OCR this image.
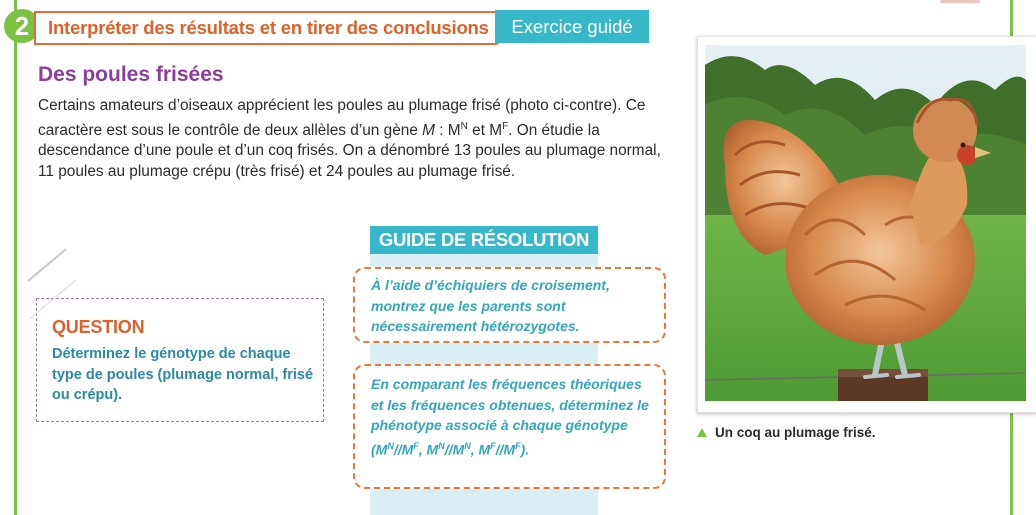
2	Interpréter des résultats et en tirer des conclusions	Exercice guidé
Des poules frisées
Certains amateurs d’oiseaux apprécient les poules au plumage frisé (photo ci-contre). Ce caractère est sous le contrôle de deux allèles d’un gène M : $M^N$ et $M^F$. On étudie la descendance d’une poule et d’un coq frisés. On a dénombré 13 poules au plumage normal, 11 poules au plumage crépu (très frisé) et 24 poules au plumage frisé.
GUIDE DE RÉSOLUTION
À l’aide d’échiquiers de croisement, montrez que les parents sont nécessairement hétérozygotes.
En comparant les fréquences théoriques et les fréquences obtenues, déterminez le phénotype associé à chaque génotype ($M^N//M^F$, $M^N//M^N$, $M^F//M^F$).
QUESTION
Déterminez le génotype de chaque type de poules (plumage normal, frisé ou crépu).
Un coq au plumage frisé.
